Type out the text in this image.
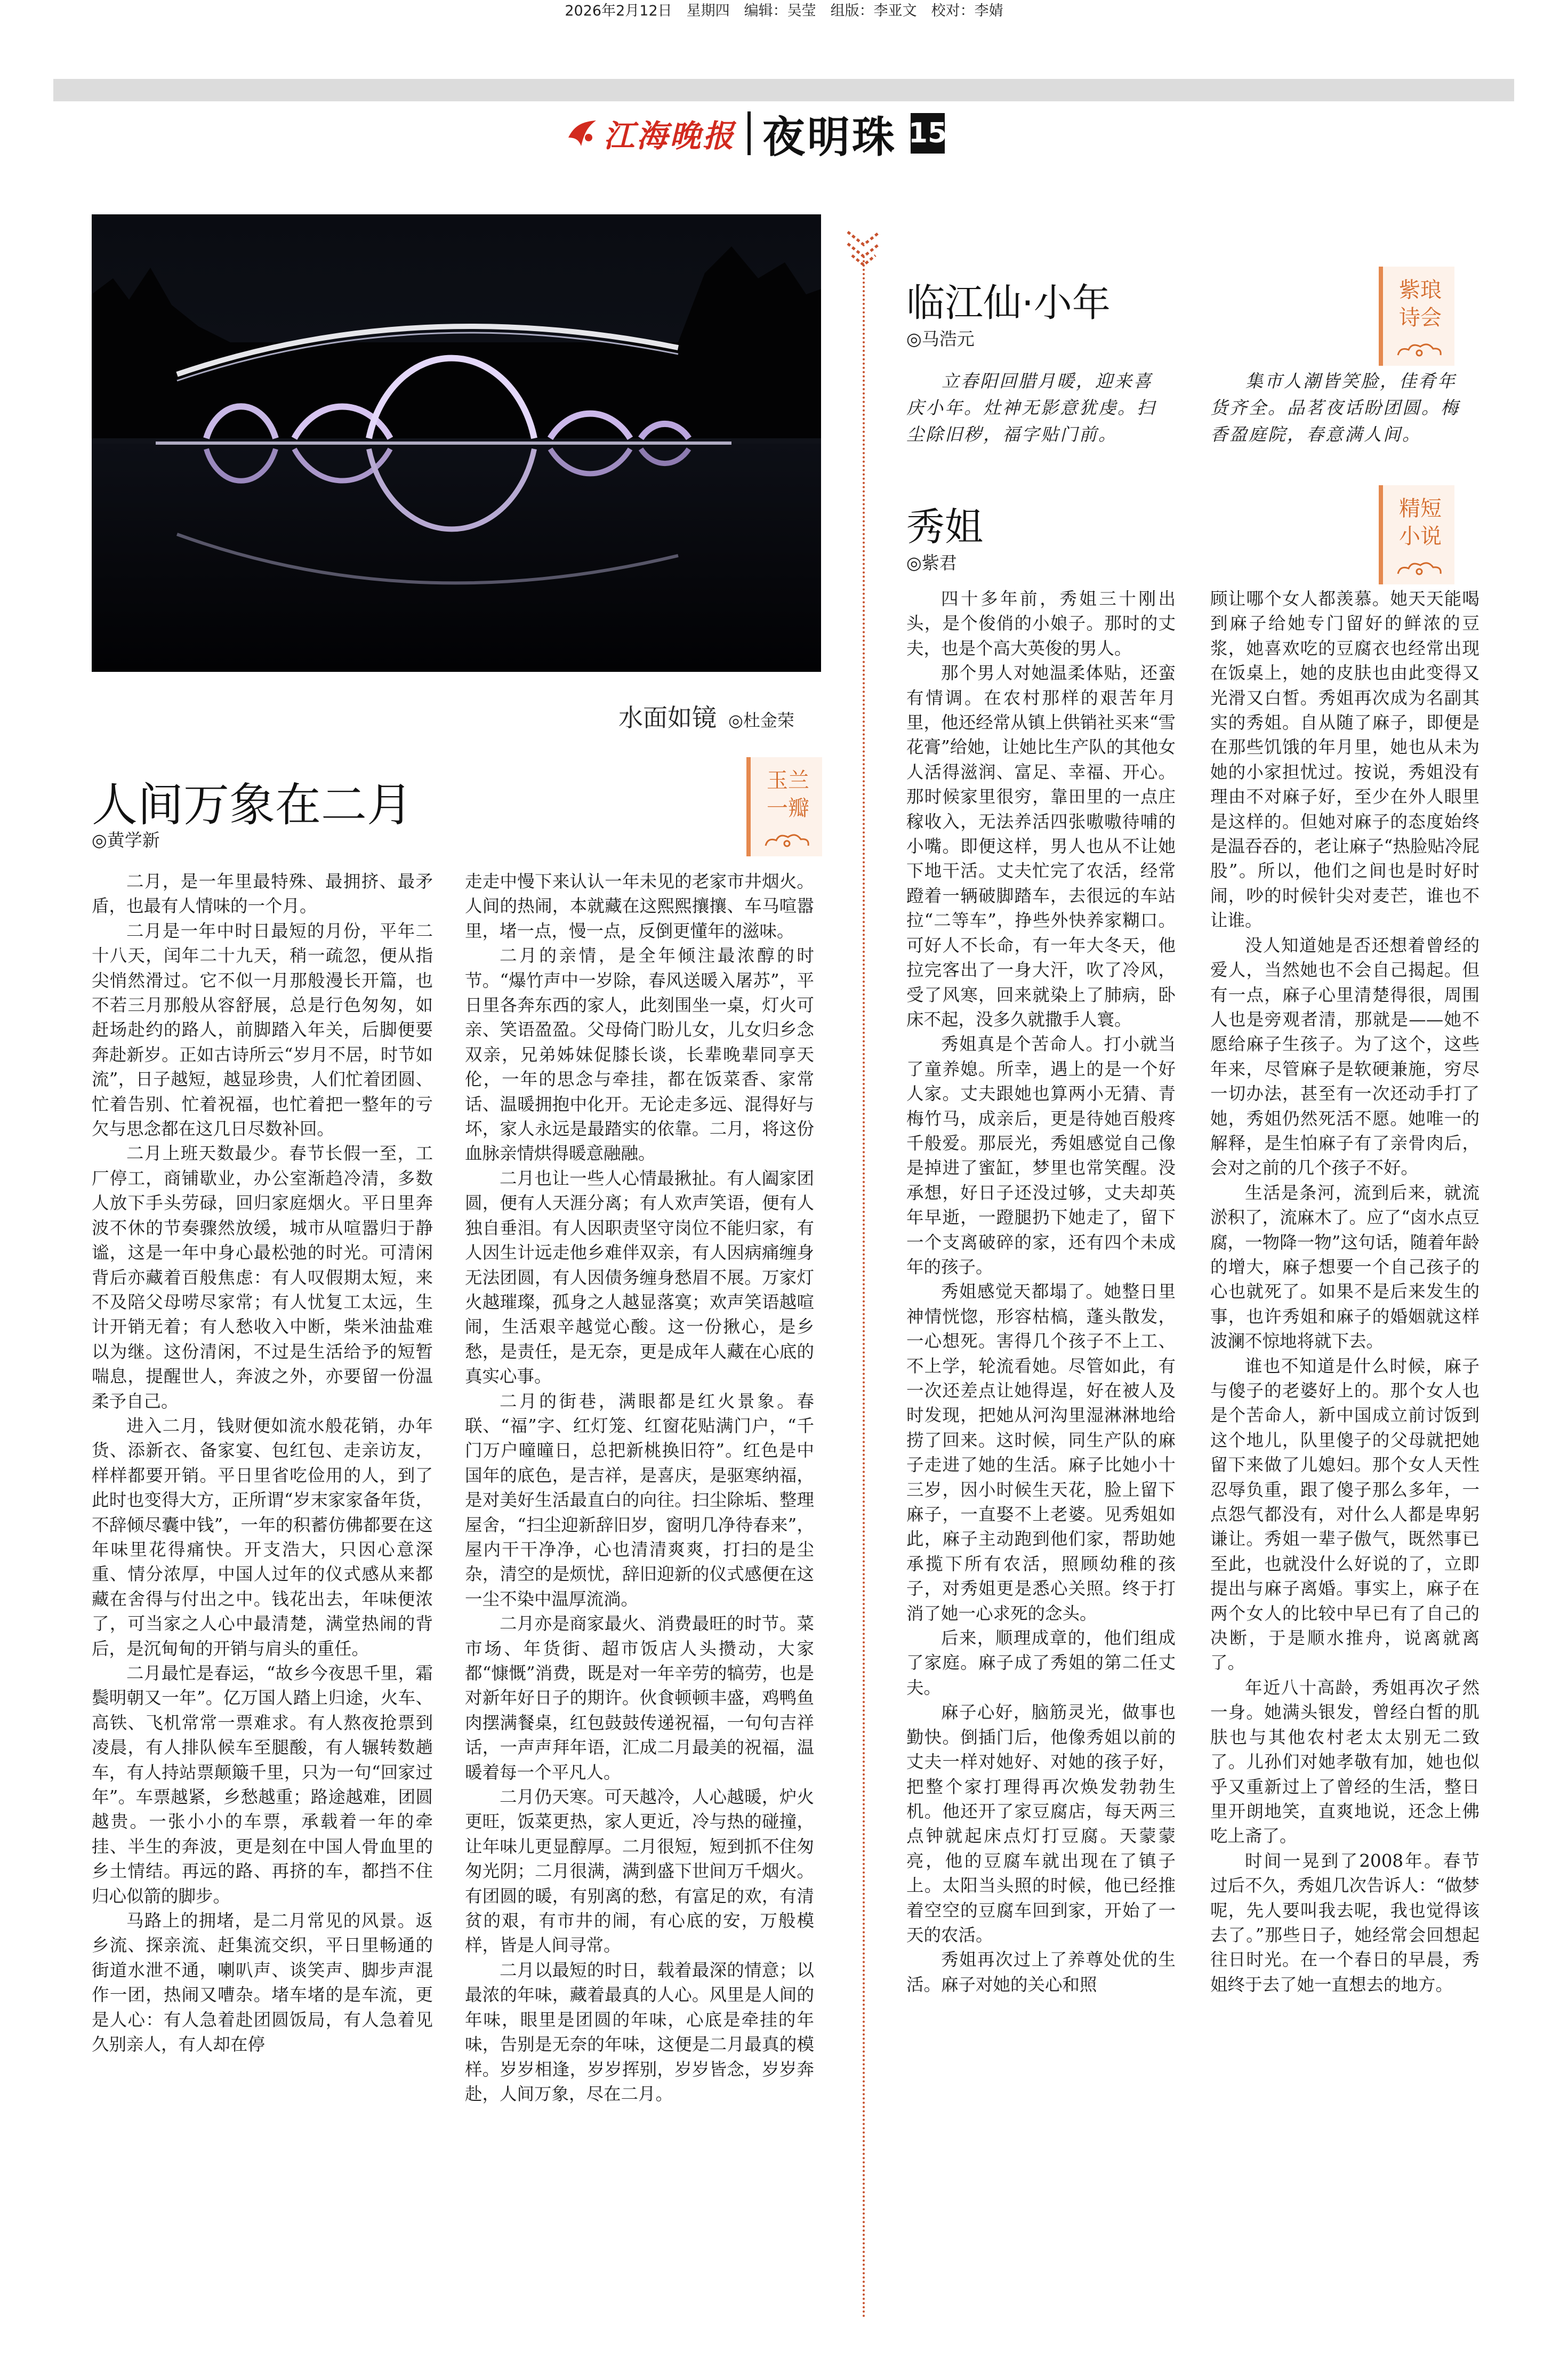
2026年2月12日　星期四　编辑：吴莹　组版：李亚文　校对：李婧
江海晚报 夜明珠 15
水面如镜 ◎杜金荣
人间万象在二月
◎黄学新
玉兰
一瓣

二月，是一年里最特殊、最拥挤、最矛盾，也最有人情味的一个月。

二月是一年中时日最短的月份，平年二十八天，闰年二十九天，稍一疏忽，便从指尖悄然滑过。它不似一月那般漫长开篇，也不若三月那般从容舒展，总是行色匆匆，如赶场赴约的路人，前脚踏入年关，后脚便要奔赴新岁。正如古诗所云“岁月不居，时节如流”，日子越短，越显珍贵，人们忙着团圆、忙着告别、忙着祝福，也忙着把一整年的亏欠与思念都在这几日尽数补回。

二月上班天数最少。春节长假一至，工厂停工，商铺歇业，办公室渐趋冷清，多数人放下手头劳碌，回归家庭烟火。平日里奔波不休的节奏骤然放缓，城市从喧嚣归于静谧，这是一年中身心最松弛的时光。可清闲背后亦藏着百般焦虑：有人叹假期太短，来不及陪父母唠尽家常；有人忧复工太远，生计开销无着；有人愁收入中断，柴米油盐难以为继。这份清闲，不过是生活给予的短暂喘息，提醒世人，奔波之外，亦要留一份温柔予自己。

进入二月，钱财便如流水般花销，办年货、添新衣、备家宴、包红包、走亲访友，样样都要开销。平日里省吃俭用的人，到了此时也变得大方，正所谓“岁末家家备年货，不辞倾尽囊中钱”，一年的积蓄仿佛都要在这年味里花得痛快。开支浩大，只因心意深重、情分浓厚，中国人过年的仪式感从来都藏在舍得与付出之中。钱花出去，年味便浓了，可当家之人心中最清楚，满堂热闹的背后，是沉甸甸的开销与肩头的重任。

二月最忙是春运，“故乡今夜思千里，霜鬓明朝又一年”。亿万国人踏上归途，火车、高铁、飞机常常一票难求。有人熬夜抢票到凌晨，有人排队候车至腿酸，有人辗转数趟车，有人持站票颠簸千里，只为一句“回家过年”。车票越紧，乡愁越重；路途越难，团圆越贵。一张小小的车票，承载着一年的牵挂、半生的奔波，更是刻在中国人骨血里的乡土情结。再远的路、再挤的车，都挡不住归心似箭的脚步。

马路上的拥堵，是二月常见的风景。返乡流、探亲流、赶集流交织，平日里畅通的街道水泄不通，喇叭声、谈笑声、脚步声混作一团，热闹又嘈杂。堵车堵的是车流，更是人心：有人急着赴团圆饭局，有人急着见久别亲人，有人却在停

走走中慢下来认认一年未见的老家市井烟火。人间的热闹，本就藏在这熙熙攘攘、车马喧嚣里，堵一点，慢一点，反倒更懂年的滋味。

二月的亲情，是全年倾注最浓醇的时节。“爆竹声中一岁除，春风送暖入屠苏”，平日里各奔东西的家人，此刻围坐一桌，灯火可亲、笑语盈盈。父母倚门盼儿女，儿女归乡念双亲，兄弟姊妹促膝长谈，长辈晚辈同享天伦，一年的思念与牵挂，都在饭菜香、家常话、温暖拥抱中化开。无论走多远、混得好与坏，家人永远是最踏实的依靠。二月，将这份血脉亲情烘得暖意融融。

二月也让一些人心情最揪扯。有人阖家团圆，便有人天涯分离；有人欢声笑语，便有人独自垂泪。有人因职责坚守岗位不能归家，有人因生计远走他乡难伴双亲，有人因病痛缠身无法团圆，有人因债务缠身愁眉不展。万家灯火越璀璨，孤身之人越显落寞；欢声笑语越喧闹，生活艰辛越觉心酸。这一份揪心，是乡愁，是责任，是无奈，更是成年人藏在心底的真实心事。

二月的街巷，满眼都是红火景象。春联、“福”字、红灯笼、红窗花贴满门户，“千门万户曈曈日，总把新桃换旧符”。红色是中国年的底色，是吉祥，是喜庆，是驱寒纳福，是对美好生活最直白的向往。扫尘除垢、整理屋舍，“扫尘迎新辞旧岁，窗明几净待春来”，屋内干干净净，心也清清爽爽，打扫的是尘杂，清空的是烦忧，辞旧迎新的仪式感便在这一尘不染中温厚流淌。

二月亦是商家最火、消费最旺的时节。菜市场、年货街、超市饭店人头攒动，大家都“慷慨”消费，既是对一年辛劳的犒劳，也是对新年好日子的期许。伙食顿顿丰盛，鸡鸭鱼肉摆满餐桌，红包鼓鼓传递祝福，一句句吉祥话，一声声拜年语，汇成二月最美的祝福，温暖着每一个平凡人。

二月仍天寒。可天越冷，人心越暖，炉火更旺，饭菜更热，家人更近，冷与热的碰撞，让年味儿更显醇厚。二月很短，短到抓不住匆匆光阴；二月很满，满到盛下世间万千烟火。有团圆的暖，有别离的愁，有富足的欢，有清贫的艰，有市井的闹，有心底的安，万般模样，皆是人间寻常。

二月以最短的时日，载着最深的情意；以最浓的年味，藏着最真的人心。风里是人间的年味，眼里是团圆的年味，心底是牵挂的年味，告别是无奈的年味，这便是二月最真的模样。岁岁相逢，岁岁挥别，岁岁皆念，岁岁奔赴，人间万象，尽在二月。

临江仙·小年
◎马浩元
紫琅
诗会

立春阳回腊月暖，迎来喜庆小年。灶神无影意犹虔。扫尘除旧秽，福字贴门前。

集市人潮皆笑脸，佳肴年货齐全。品茗夜话盼团圆。梅香盈庭院，春意满人间。

秀姐
◎紫君
精短
小说

四十多年前，秀姐三十刚出头，是个俊俏的小娘子。那时的丈夫，也是个高大英俊的男人。

那个男人对她温柔体贴，还蛮有情调。在农村那样的艰苦年月里，他还经常从镇上供销社买来“雪花膏”给她，让她比生产队的其他女人活得滋润、富足、幸福、开心。那时候家里很穷，靠田里的一点庄稼收入，无法养活四张嗷嗷待哺的小嘴。即便这样，男人也从不让她下地干活。丈夫忙完了农活，经常蹬着一辆破脚踏车，去很远的车站拉“二等车”，挣些外快养家糊口。可好人不长命，有一年大冬天，他拉完客出了一身大汗，吹了冷风，受了风寒，回来就染上了肺病，卧床不起，没多久就撒手人寰。

秀姐真是个苦命人。打小就当了童养媳。所幸，遇上的是一个好人家。丈夫跟她也算两小无猜、青梅竹马，成亲后，更是待她百般疼千般爱。那辰光，秀姐感觉自己像是掉进了蜜缸，梦里也常笑醒。没承想，好日子还没过够，丈夫却英年早逝，一蹬腿扔下她走了，留下一个支离破碎的家，还有四个未成年的孩子。

秀姐感觉天都塌了。她整日里神情恍惚，形容枯槁，蓬头散发，一心想死。害得几个孩子不上工、不上学，轮流看她。尽管如此，有一次还差点让她得逞，好在被人及时发现，把她从河沟里湿淋淋地给捞了回来。这时候，同生产队的麻子走进了她的生活。麻子比她小十三岁，因小时候生天花，脸上留下麻子，一直娶不上老婆。见秀姐如此，麻子主动跑到他们家，帮助她承揽下所有农活，照顾幼稚的孩子，对秀姐更是悉心关照。终于打消了她一心求死的念头。

后来，顺理成章的，他们组成了家庭。麻子成了秀姐的第二任丈夫。

麻子心好，脑筋灵光，做事也勤快。倒插门后，他像秀姐以前的丈夫一样对她好、对她的孩子好，把整个家打理得再次焕发勃勃生机。他还开了家豆腐店，每天两三点钟就起床点灯打豆腐。天蒙蒙亮，他的豆腐车就出现在了镇子上。太阳当头照的时候，他已经推着空空的豆腐车回到家，开始了一天的农活。

秀姐再次过上了养尊处优的生活。麻子对她的关心和照

顾让哪个女人都羡慕。她天天能喝到麻子给她专门留好的鲜浓的豆浆，她喜欢吃的豆腐衣也经常出现在饭桌上，她的皮肤也由此变得又光滑又白皙。秀姐再次成为名副其实的秀姐。自从随了麻子，即便是在那些饥饿的年月里，她也从未为她的小家担忧过。按说，秀姐没有理由不对麻子好，至少在外人眼里是这样的。但她对麻子的态度始终是温吞吞的，老让麻子“热脸贴冷屁股”。所以，他们之间也是时好时闹，吵的时候针尖对麦芒，谁也不让谁。

没人知道她是否还想着曾经的爱人，当然她也不会自己揭起。但有一点，麻子心里清楚得很，周围人也是旁观者清，那就是——她不愿给麻子生孩子。为了这个，这些年来，尽管麻子是软硬兼施，穷尽一切办法，甚至有一次还动手打了她，秀姐仍然死活不愿。她唯一的解释，是生怕麻子有了亲骨肉后，会对之前的几个孩子不好。

生活是条河，流到后来，就流淤积了，流麻木了。应了“卤水点豆腐，一物降一物”这句话，随着年龄的增大，麻子想要一个自己孩子的心也就死了。如果不是后来发生的事，也许秀姐和麻子的婚姻就这样波澜不惊地将就下去。

谁也不知道是什么时候，麻子与傻子的老婆好上的。那个女人也是个苦命人，新中国成立前讨饭到这个地儿，队里傻子的父母就把她留下来做了儿媳妇。那个女人天性忍辱负重，跟了傻子那么多年，一点怨气都没有，对什么人都是卑躬谦让。秀姐一辈子傲气，既然事已至此，也就没什么好说的了，立即提出与麻子离婚。事实上，麻子在两个女人的比较中早已有了自己的决断，于是顺水推舟，说离就离了。

年近八十高龄，秀姐再次孑然一身。她满头银发，曾经白皙的肌肤也与其他农村老太太别无二致了。儿孙们对她孝敬有加，她也似乎又重新过上了曾经的生活，整日里开朗地笑，直爽地说，还念上佛吃上斋了。

时间一晃到了2008年。春节过后不久，秀姐几次告诉人：“做梦呢，先人要叫我去呢，我也觉得该去了。”那些日子，她经常会回想起往日时光。在一个春日的早晨，秀姐终于去了她一直想去的地方。
